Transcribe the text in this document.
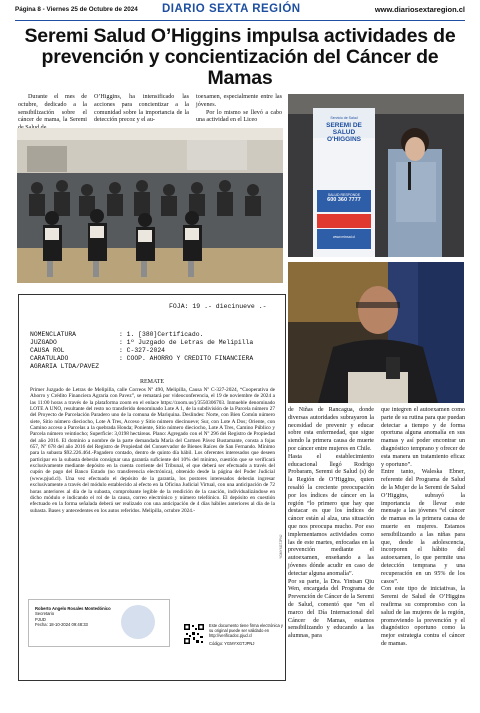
Página 8 - Viernes 25 de Octubre de 2024 DIARIO SEXTA REGIÓN	www.diariosextaregion.cl
Seremi Salud O’Higgins impulsa actividades de prevención y concientización del Cáncer de Mamas

Durante el mes de octubre, dedicado a la sensibilización sobre el cáncer de mama, la Seremi

O’Higgins, ha intensificado las acciones para concientizar a la comunidad sobre la importancia de la detección precoz y el au-

toexamen, especialmente entre las jóvenes.

Por lo mismo se llevó a cabo una actividad en el Liceo	Servicio de Salud
SEREMI DE SALUD O'HIGGINS
SALUD RESPONDE
600 360 7777
www.minsal.cl

de Niñas de Rancagua, donde diversas autoridades subrayaron la necesidad de prevenir y educar sobre esta enfermedad, que sigue siendo la primera causa de muerte por cáncer entre mujeres en Chile.
Hasta el establecimiento educacional llegó Rodrigo Probaram, Seremi de Salud (s) de la Región de O’Higgins, quien resaltó la creciente preocupación por los índices de cáncer en la región “lo primero que hay que destacar es que los índices de cáncer están al alza, una situación que nos preocupa mucho. Por eso implementamos actividades como las de este martes, enfocadas en la prevención mediante el autoexamen, enseñando a las jóvenes dónde acudir en caso de detectar alguna anomalía”.
Por su parte, la Dra. Yintsan Qiu Wen, encargada del Programa de Prevención de Cáncer de la Seremi de Salud, comentó que “en el marco del Día Internacional del Cáncer de Mamas, estamos sensibilizando y educando a las alumnas, para

que integren el autoexamen como parte de su rutina para que puedan detectar a tiempo y de forma oportuna alguna anomalía en sus mamas y así poder encontrar un diagnóstico temprano y ofrecer de esta manera un tratamiento eficaz y oportuno”.
Entre tanto, Waleska Ebner, referente del Programa de Salud de la Mujer de la Seremi de Salud O’Higgins, subrayó la importancia de llevar este mensaje a las jóvenes “el cáncer de mamas es la primera causa de muerte en mujeres. Estamos sensibilizando a las niñas para que, desde la adolescencia, incorporen el hábito del autoexamen, lo que permite una detección temprana y una recuperación en un 95% de los casos”.
Con este tipo de iniciativas, la Seremi de Salud de O’Higgins reafirma su compromiso con la salud de las mujeres de la región, promoviendo la prevención y el diagnóstico oportuno como la mejor estrategia contra el cáncer de mamas.

FOJA: 19 .- diecinueve .-
NOMENCLATURA	: 1. [380]Certificado.
JUZGADO	: 1º Juzgado de Letras de Melipilla
CAUSA ROL	: C-327-2024
CARATULADO	: COOP. AHORRO Y CREDITO FINANCIERA
AGRARIA LTDA/PAVEZ
REMATE
Primer Juzgado de Letras de Melipilla, calle Correos Nº 490, Melipilla, Causa Nº C-327-2024, “Cooperativa de Ahorro y Crédito Financiera Agraria con Pavez”, se rematará por videoconferencia, el 19 de noviembre de 2024 a las 11:00 horas a través de la plataforma zoom en el enlace https://zoom.us/j/3550306703. Inmueble denominado LOTE A UNO, resultante del resto no transferido denominado Lote A 1, de la subdivisión de la Parcela número 27 del Proyecto de Parcelación Paradero uno de la comuna de Mariquina. Deslindes: Norte, con Bien Común número siete, Sitio número dieciocho, Lote A Tres, Acceso y Sitio número diecinueve; Sur, con Lote A Dos; Oriente, con Camino acceso a Parcelas a la quebrada Honda; Poniente, Sitio número dieciocho, Lote A Tres, Camino Público y Parcela número veintiocho; Superficie: 3,0198 hectáreas. Plano: Agregado con el Nº 296 del Registro de Propiedad del año 2016. El dominio a nombre de la parte demandada María del Carmen Pávez Bustamante, consta a fojas 657, Nº 678 del año 2016 del Registro de Propiedad del Conservador de Bienes Raíces de San Fernando. Mínimo para la subasta $92.226.464.-Pagadero contado, dentro de quinto día hábil. Los oferentes interesados que deseen participar en la subasta deberán consignar una garantía suficiente del 10% del mínimo, cuestión que se verificará exclusivamente mediante depósito en la cuenta corriente del Tribunal, el que deberá ser efectuado a través del cupón de pago del Banco Estado (no transferencia electrónica), obtenido desde la página del Poder Judicial (www.pjud.cl). Una vez efectuado el depósito de la garantía, los postores interesados deberán ingresar exclusivamente a través del módulo establecido al efecto en la Oficina Judicial Virtual, con una anticipación de 72 horas anteriores al día de la subasta, comprobante legible de la rendición de la caución, individualizándose en dicho módulo e indicando el rol de la causa, correo electrónico y número telefónico. El depósito en cuestión efectuado en la forma señalada deberá ser realizado con una anticipación de 4 días hábiles anteriores al día de la subasta. Bases y antecedentes en los autos referidos. Melipilla, octubre 2024.-
Roberto Angelo Rosales Montedónico
Secretario
PJUD
Fecha: 18-10-2024 09:48:33	Este documento tiene firma electrónica y su original puede ser validado en http://verificadoc.pjud.cl
Código: YGMYXGTJPNJ
YGMYXGTJPNJ
